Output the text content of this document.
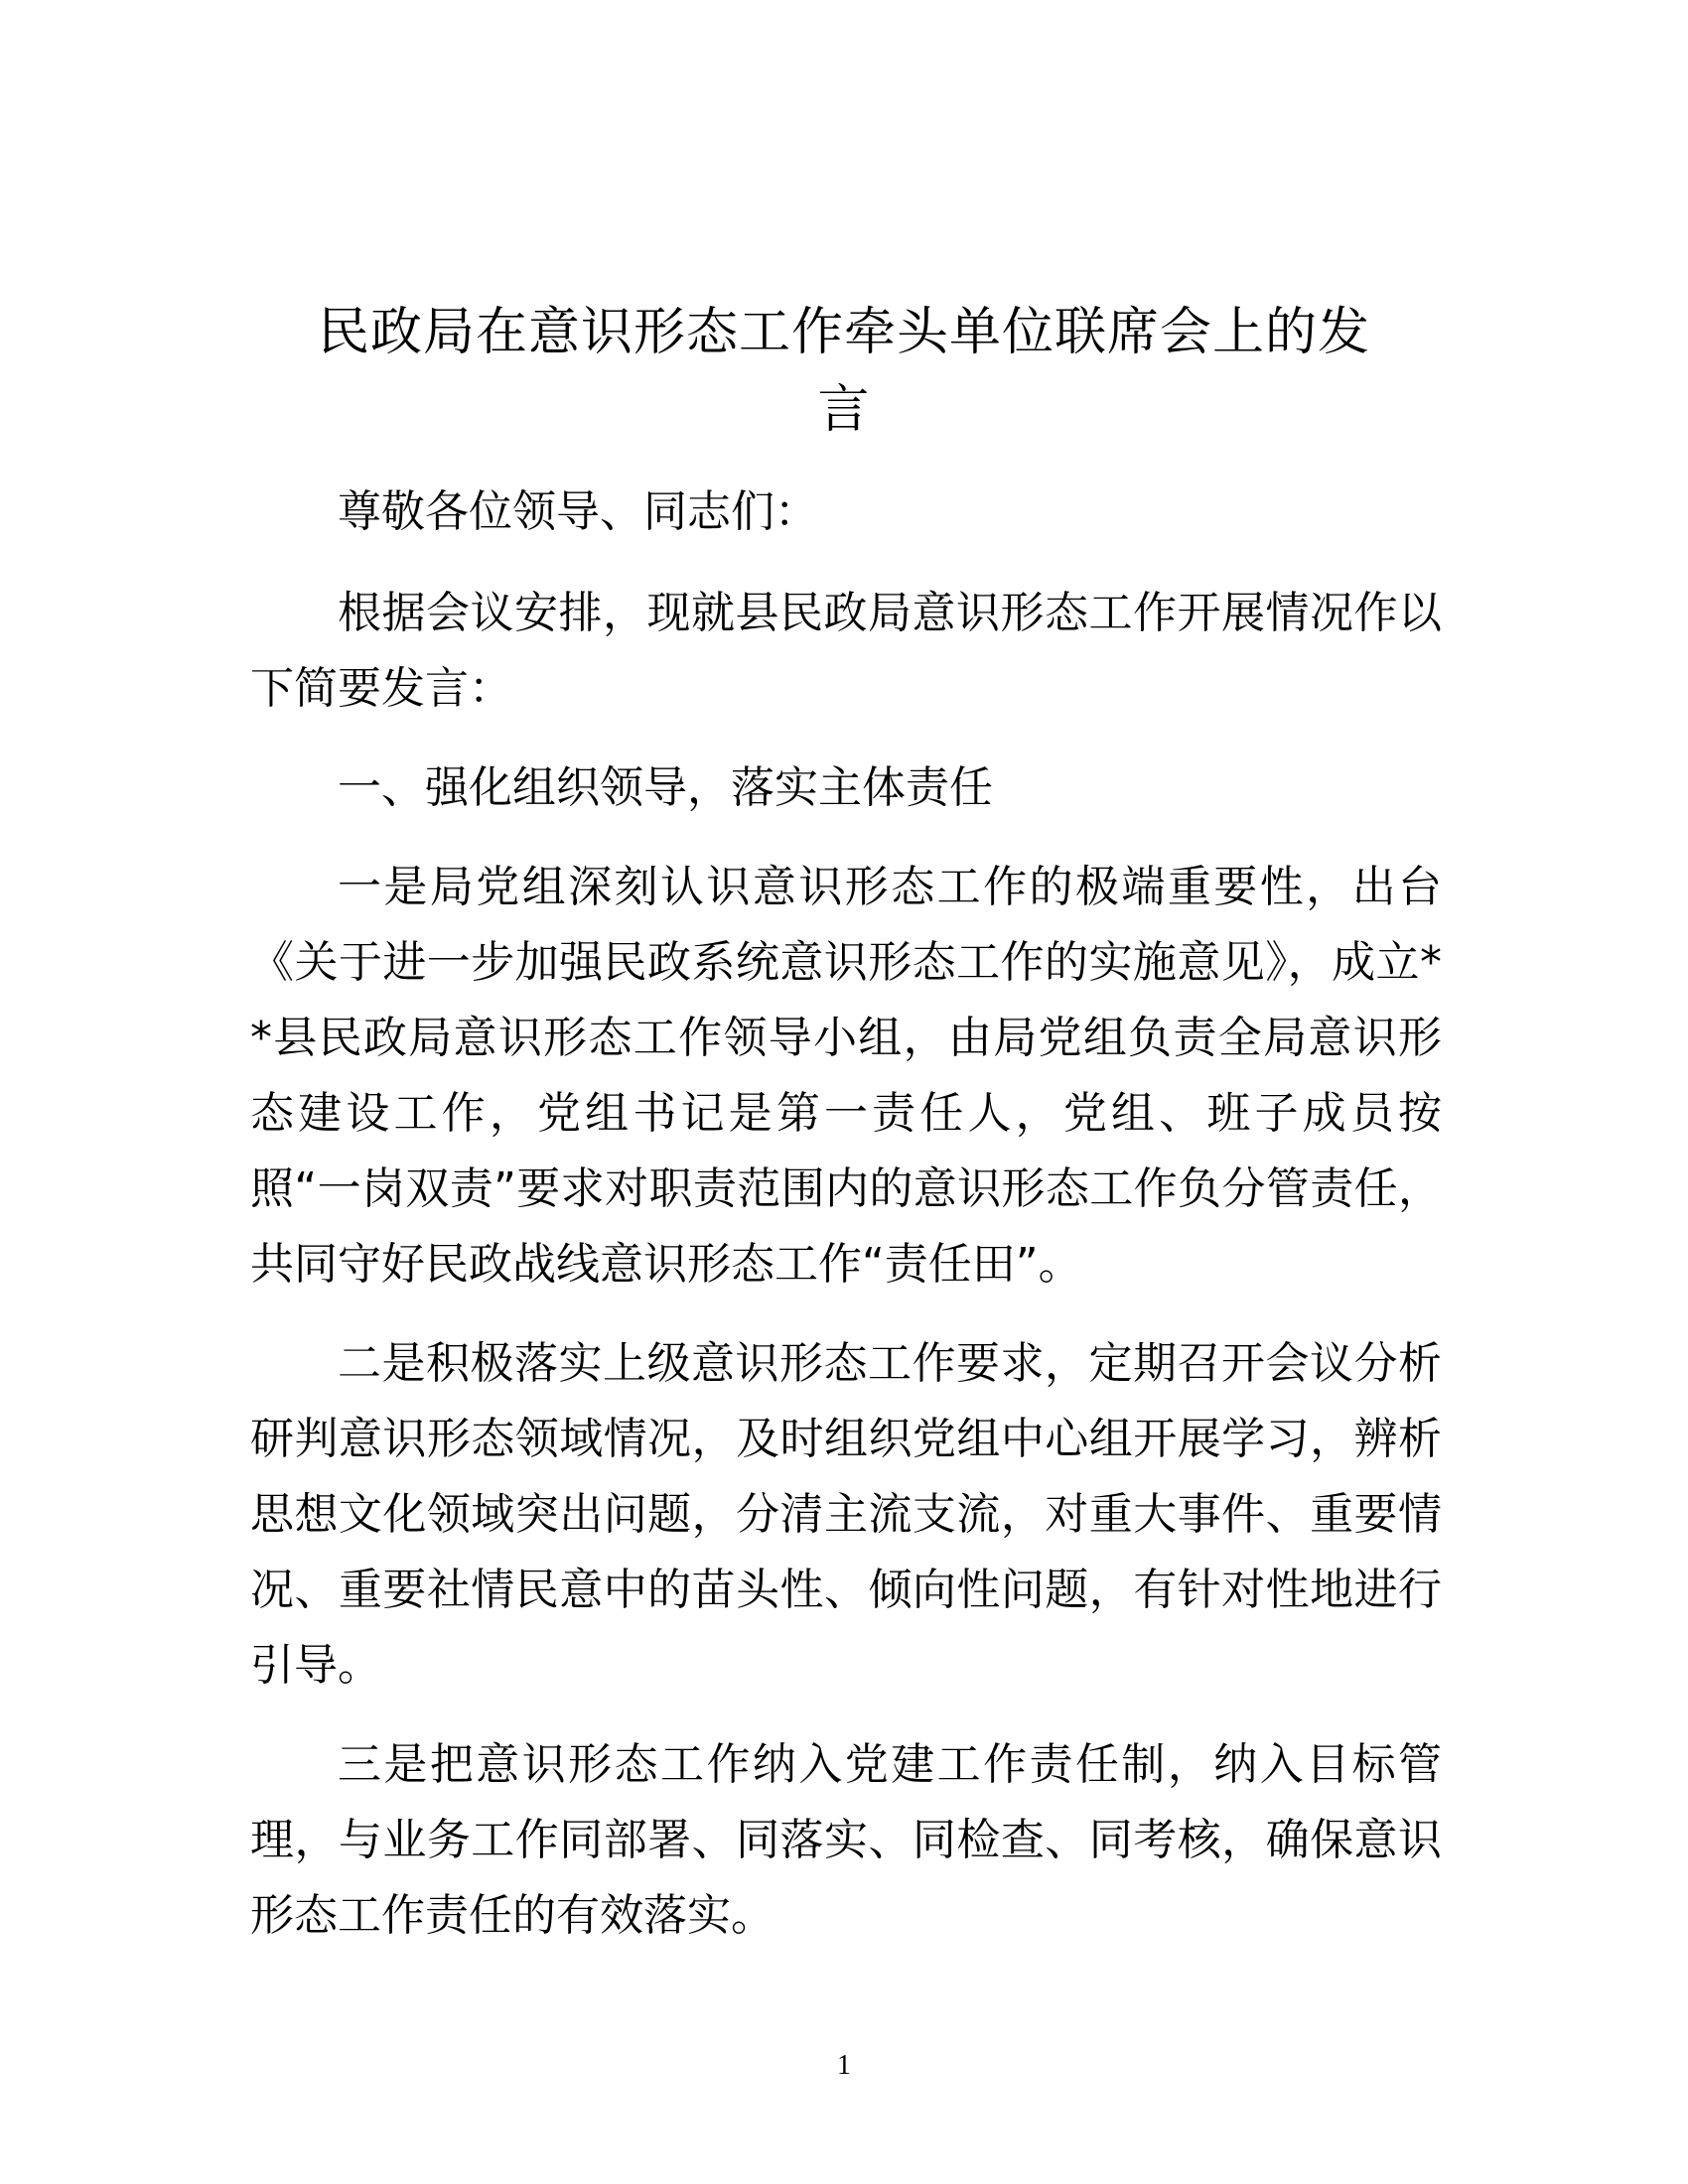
民政局在意识形态工作牵头单位联席会上的发
言

尊敬各位领导、同志们：

根据会议安排，现就县民政局意识形态工作开展情况作以下简要发言：

一、强化组织领导，落实主体责任

一是局党组深刻认识意识形态工作的极端重要性，出台《关于进一步加强民政系统意识形态工作的实施意见》，成立**县民政局意识形态工作领导小组，由局党组负责全局意识形态建设工作，党组书记是第一责任人，党组、班子成员按照“一岗双责”要求对职责范围内的意识形态工作负分管责任，共同守好民政战线意识形态工作“责任田”。

二是积极落实上级意识形态工作要求，定期召开会议分析研判意识形态领域情况，及时组织党组中心组开展学习，辨析思想文化领域突出问题，分清主流支流，对重大事件、重要情况、重要社情民意中的苗头性、倾向性问题，有针对性地进行引导。

三是把意识形态工作纳入党建工作责任制，纳入目标管理，与业务工作同部署、同落实、同检查、同考核，确保意识形态工作责任的有效落实。

1
